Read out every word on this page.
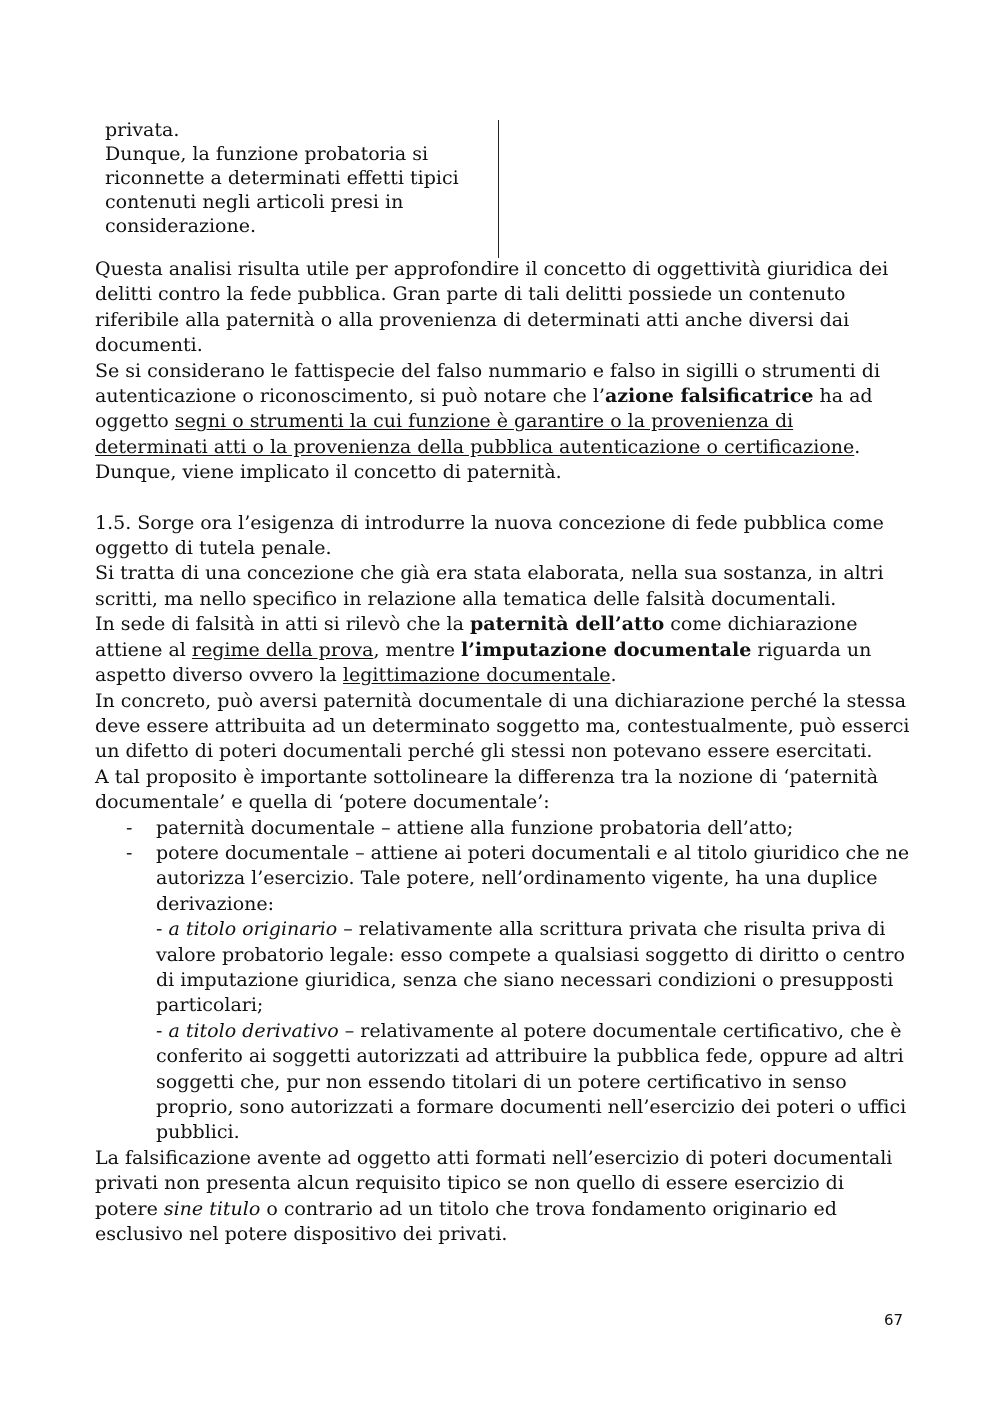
privata.

Dunque, la funzione probatoria si riconnette a determinati effetti tipici contenuti negli articoli presi in considerazione.

Questa analisi risulta utile per approfondire il concetto di oggettività giuridica dei delitti contro la fede pubblica. Gran parte di tali delitti possiede un contenuto riferibile alla paternità o alla provenienza di determinati atti anche diversi dai documenti.

Se si considerano le fattispecie del falso nummario e falso in sigilli o strumenti di autenticazione o riconoscimento, si può notare che l’azione falsificatrice ha ad oggetto segni o strumenti la cui funzione è garantire o la provenienza di determinati atti o la provenienza della pubblica autenticazione o certificazione. Dunque, viene implicato il concetto di paternità.

1.5. Sorge ora l’esigenza di introdurre la nuova concezione di fede pubblica come oggetto di tutela penale.

Si tratta di una concezione che già era stata elaborata, nella sua sostanza, in altri scritti, ma nello specifico in relazione alla tematica delle falsità documentali.

In sede di falsità in atti si rilevò che la paternità dell’atto come dichiarazione attiene al regime della prova, mentre l’imputazione documentale riguarda un aspetto diverso ovvero la legittimazione documentale.

In concreto, può aversi paternità documentale di una dichiarazione perché la stessa deve essere attribuita ad un determinato soggetto ma, contestualmente, può esserci un difetto di poteri documentali perché gli stessi non potevano essere esercitati.

A tal proposito è importante sottolineare la differenza tra la nozione di ‘paternità documentale’ e quella di ‘potere documentale’:

- paternità documentale – attiene alla funzione probatoria dell’atto;
- potere documentale – attiene ai poteri documentali e al titolo giuridico che ne autorizza l’esercizio. Tale potere, nell’ordinamento vigente, ha una duplice derivazione:
- a titolo originario – relativamente alla scrittura privata che risulta priva di valore probatorio legale: esso compete a qualsiasi soggetto di diritto o centro di imputazione giuridica, senza che siano necessari condizioni o presupposti particolari;
- a titolo derivativo – relativamente al potere documentale certificativo, che è conferito ai soggetti autorizzati ad attribuire la pubblica fede, oppure ad altri soggetti che, pur non essendo titolari di un potere certificativo in senso proprio, sono autorizzati a formare documenti nell’esercizio dei poteri o uffici pubblici.

La falsificazione avente ad oggetto atti formati nell’esercizio di poteri documentali privati non presenta alcun requisito tipico se non quello di essere esercizio di potere sine titulo o contrario ad un titolo che trova fondamento originario ed esclusivo nel potere dispositivo dei privati.

67
